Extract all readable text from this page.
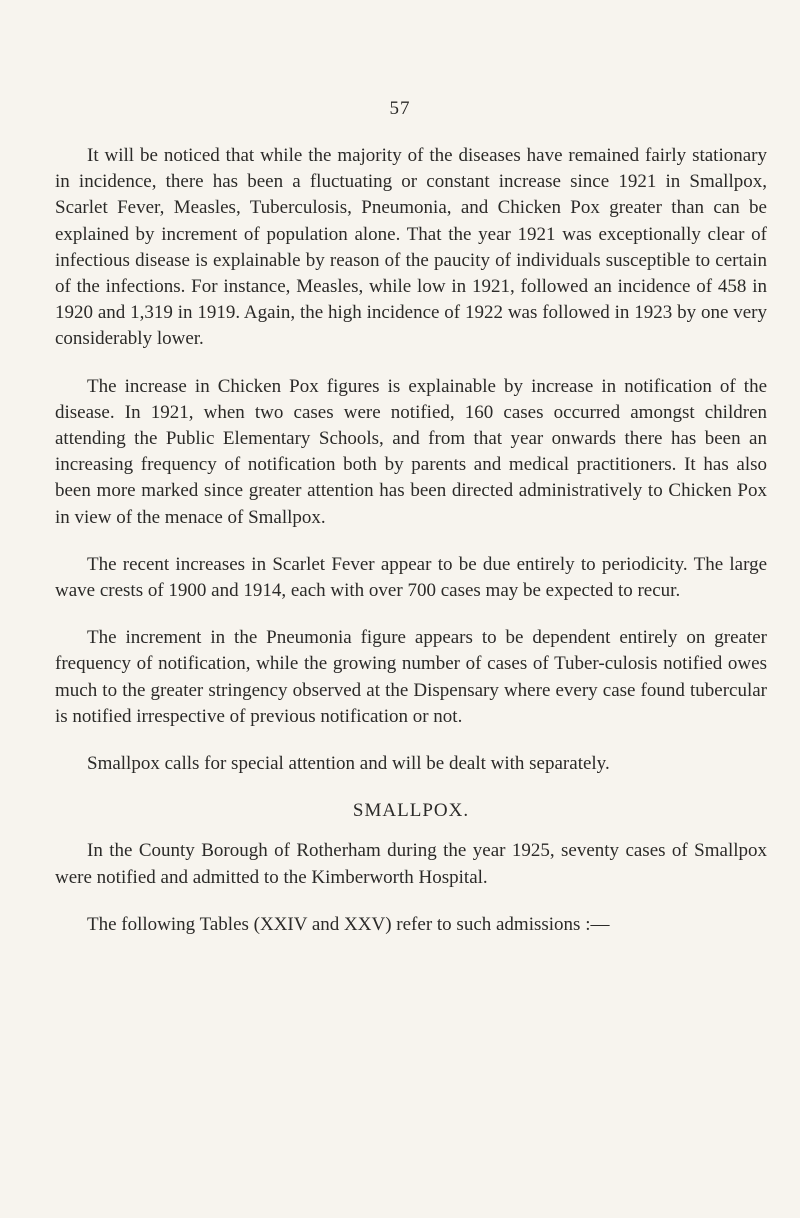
57

It will be noticed that while the majority of the diseases have remained fairly stationary in incidence, there has been a fluctuating or constant increase since 1921 in Smallpox, Scarlet Fever, Measles, Tuberculosis, Pneumonia, and Chicken Pox greater than can be explained by increment of population alone. That the year 1921 was exceptionally clear of infectious disease is explainable by reason of the paucity of individuals susceptible to certain of the infections. For instance, Measles, while low in 1921, followed an incidence of 458 in 1920 and 1,319 in 1919. Again, the high incidence of 1922 was followed in 1923 by one very considerably lower.

The increase in Chicken Pox figures is explainable by increase in notification of the disease. In 1921, when two cases were notified, 160 cases occurred amongst children attending the Public Elementary Schools, and from that year onwards there has been an increasing frequency of notification both by parents and medical practitioners. It has also been more marked since greater attention has been directed administratively to Chicken Pox in view of the menace of Smallpox.

The recent increases in Scarlet Fever appear to be due entirely to periodicity. The large wave crests of 1900 and 1914, each with over 700 cases may be expected to recur.

The increment in the Pneumonia figure appears to be dependent entirely on greater frequency of notification, while the growing number of cases of Tuber-culosis notified owes much to the greater stringency observed at the Dispensary where every case found tubercular is notified irrespective of previous notification or not.

Smallpox calls for special attention and will be dealt with separately.

SMALLPOX.

In the County Borough of Rotherham during the year 1925, seventy cases of Smallpox were notified and admitted to the Kimberworth Hospital.

The following Tables (XXIV and XXV) refer to such admissions :—
